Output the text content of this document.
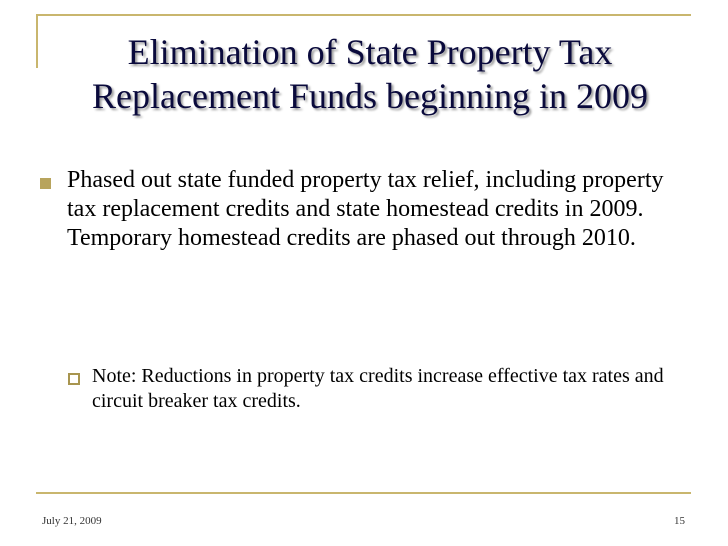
Elimination of State Property Tax
Replacement Funds beginning in 2009
Phased out state funded property tax relief, including property tax replacement credits and state homestead credits in 2009. Temporary homestead credits are phased out through 2010.
Note: Reductions in property tax credits increase effective tax rates and circuit breaker tax credits.
July 21, 2009	15
